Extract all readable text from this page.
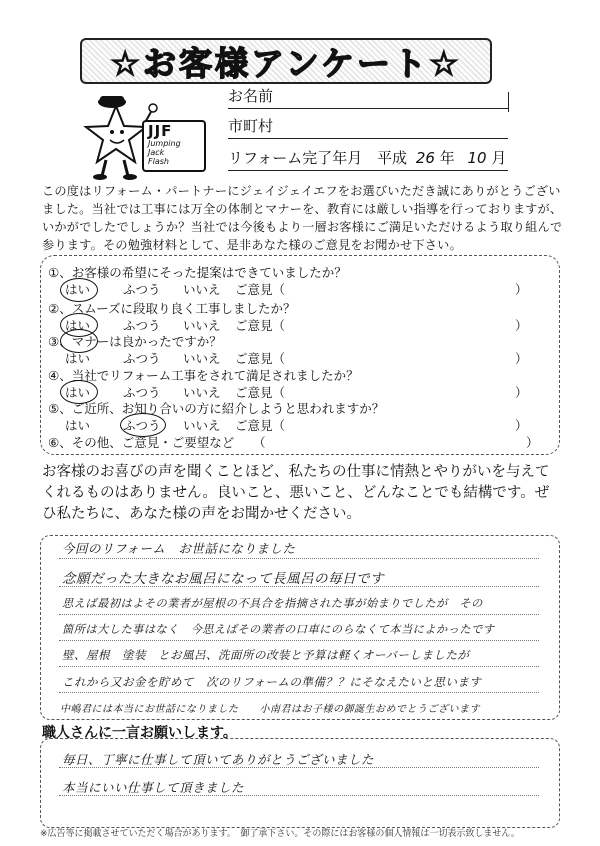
☆お客様アンケート☆
JJF
Jumping
Jack
Flash
お名前
市町村
リフォーム完了年月 平成 26 年 10 月
この度はリフォーム・パートナーにジェイジェイエフをお選びいただき誠にありがとうございました。当社では工事には万全の体制とマナーを、教育には厳しい指導を行っておりますが、いかがでしたでしょうか？当社では今後もより一層お客様にご満足いただけるよう取り組んで参ります。その勉強材料として、是非あなた様のご意見をお聞かせ下さい。
①、お客様の希望にそった提案はできていましたか？
はい	ふつう いいえ ご意見（	）
②、スムーズに段取り良く工事しましたか？
はい	ふつう いいえ ご意見（	）
③、マナーは良かったですか？
はい	ふつう いいえ ご意見（	）
④、当社でリフォーム工事をされて満足されましたか？
はい	ふつう いいえ ご意見（	）
⑤、ご近所、お知り合いの方に紹介しようと思われますか？
はい	ふつう いいえ ご意見（	）
⑥、その他、ご意見・ご要望など　　（	）
お客様のお喜びの声を聞くことほど、私たちの仕事に情熱とやりがいを与えてくれるものはありません。良いこと、悪いこと、どんなことでも結構です。ぜひ私たちに、あなた様の声をお聞かせください。
今回のリフォーム　お世話になりました
念願だった大きなお風呂になって長風呂の毎日です
思えば最初はよその業者が屋根の不具合を指摘された事が始まりでしたが　その
箇所は大した事はなく　今思えばその業者の口車にのらなくて本当によかったです
壁、屋根　塗装　とお風呂、洗面所の改装と予算は軽くオーバーしましたが
これから又お金を貯めて　次のリフォームの準備？？にそなえたいと思います
中嶋君には本当にお世話になりました　　小南君はお子様の御誕生おめでとうございます
職人さんに一言お願いします。
毎日、丁寧に仕事して頂いてありがとうございました
本当にいい仕事して頂きました
※広告等に掲載させていただく場合があります。　御了承下さい。その際にはお客様の個人情報は一切表示致しません。
